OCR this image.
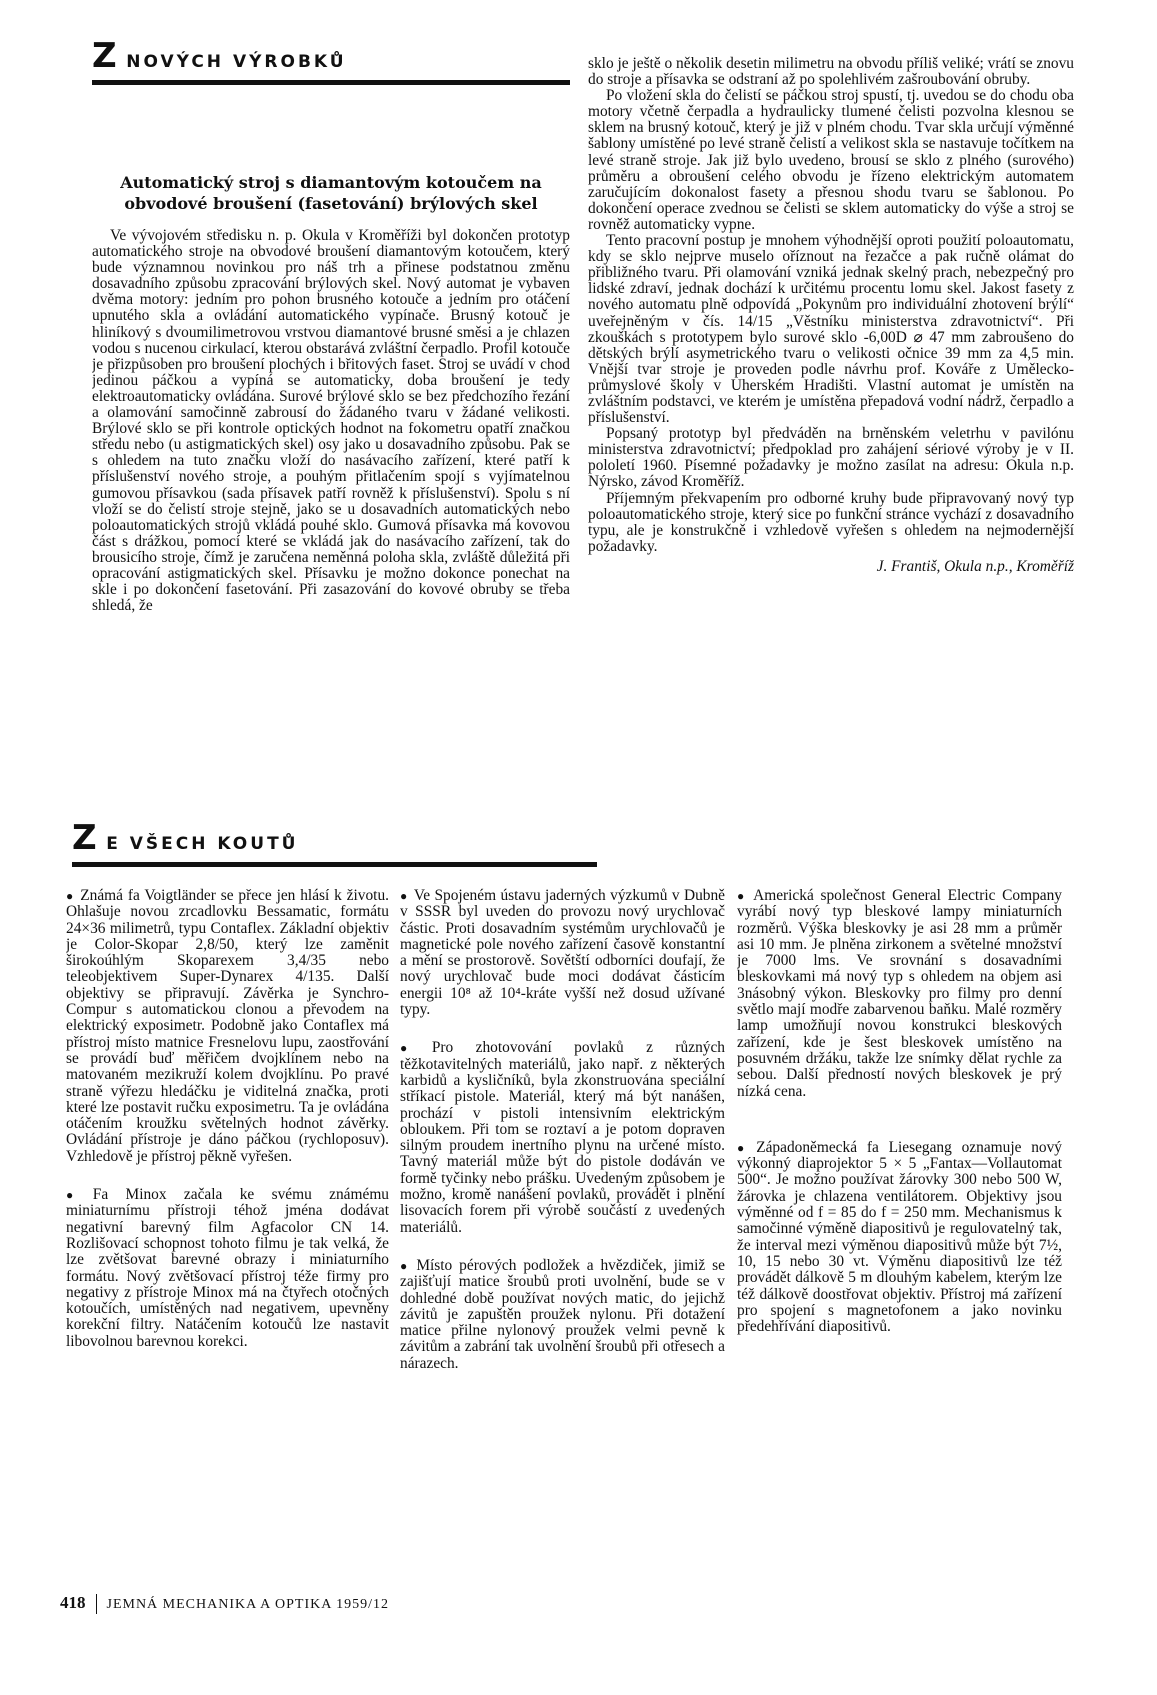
Z NOVÝCH VÝROBKŮ
Automatický stroj s diamantovým kotoučem na
obvodové broušení (fasetování) brýlových skel

Ve vývojovém středisku n. p. Okula v Kroměříži byl dokončen prototyp automatického stroje na obvodové broušení diamantovým kotoučem, který bude významnou novinkou pro náš trh a přinese podstatnou změnu dosavadního způsobu zpracování brýlových skel. Nový automat je vybaven dvěma motory: jedním pro pohon brusného kotouče a jedním pro otáčení upnutého skla a ovládání automatického vypínače. Brusný kotouč je hliníkový s dvoumilimetrovou vrstvou diamantové brusné směsi a je chlazen vodou s nucenou cirkulací, kterou obstarává zvláštní čerpadlo. Profil kotouče je přizpůsoben pro broušení plochých i břitových faset. Stroj se uvádí v chod jedinou páčkou a vypíná se automaticky, doba broušení je tedy elektroautomaticky ovládána. Surové brýlové sklo se bez předchozího řezání a olamování samočinně zabrousí do žádaného tvaru v žádané velikosti. Brýlové sklo se při kontrole optických hodnot na fokometru opatří značkou středu nebo (u astigmatických skel) osy jako u dosavadního způsobu. Pak se s ohledem na tuto značku vloží do nasávacího zařízení, které patří k příslušenství nového stroje, a pouhým přitlačením spojí s vyjímatelnou gumovou přísavkou (sada přísavek patří rovněž k příslušenství). Spolu s ní vloží se do čelistí stroje stejně, jako se u dosavadních automatických nebo poloautomatických strojů vkládá pouhé sklo. Gumová přísavka má kovovou část s drážkou, pomocí které se vkládá jak do nasávacího zařízení, tak do brousicího stroje, čímž je zaručena neměnná poloha skla, zvláště důležitá při opracování astigmatických skel. Přísavku je možno dokonce ponechat na skle i po dokončení fasetování. Při zasazování do kovové obruby se třeba shledá, že

sklo je ještě o několik desetin milimetru na obvodu příliš veliké; vrátí se znovu do stroje a přísavka se odstraní až po spolehlivém zašroubování obruby.

Po vložení skla do čelistí se páčkou stroj spustí, tj. uvedou se do chodu oba motory včetně čerpadla a hydraulicky tlumené čelisti pozvolna klesnou se sklem na brusný kotouč, který je již v plném chodu. Tvar skla určují výměnné šablony umístěné po levé straně čelistí a velikost skla se nastavuje točítkem na levé straně stroje. Jak již bylo uvedeno, brousí se sklo z plného (surového) průměru a obroušení celého obvodu je řízeno elektrickým automatem zaručujícím dokonalost fasety a přesnou shodu tvaru se šablonou. Po dokončení operace zvednou se čelisti se sklem automaticky do výše a stroj se rovněž automaticky vypne.

Tento pracovní postup je mnohem výhodnější oproti použití poloautomatu, kdy se sklo nejprve muselo oříznout na řezačce a pak ručně olámat do přibližného tvaru. Při olamování vzniká jednak skelný prach, nebezpečný pro lidské zdraví, jednak dochází k určitému procentu lomu skel. Jakost fasety z nového automatu plně odpovídá „Pokynům pro individuální zhotovení brýlí“ uveřejněným v čís. 14/15 „Věstníku ministerstva zdravotnictví“. Při zkouškách s prototypem bylo surové sklo -6,00D ⌀ 47 mm zabroušeno do dětských brýlí asymetrického tvaru o velikosti očnice 39 mm za 4,5 min. Vnější tvar stroje je proveden podle návrhu prof. Kováře z Umělecko-průmyslové školy v Uherském Hradišti. Vlastní automat je umístěn na zvláštním podstavci, ve kterém je umístěna přepadová vodní nádrž, čerpadlo a příslušenství.

Popsaný prototyp byl předváděn na brněnském veletrhu v pavilónu ministerstva zdravotnictví; předpoklad pro zahájení sériové výroby je v II. pololetí 1960. Písemné požadavky je možno zasílat na adresu: Okula n.p. Nýrsko, závod Kroměříž.

Příjemným překvapením pro odborné kruhy bude připravovaný nový typ poloautomatického stroje, který sice po funkční stránce vychází z dosavadního typu, ale je konstrukčně i vzhledově vyřešen s ohledem na nejmodernější požadavky.

J. Františ, Okula n.p., Kroměříž

Z E VŠECH KOUTŮ
● Známá fa Voigtländer se přece jen hlásí k životu. Ohlašuje novou zrcadlovku Bessamatic, formátu 24×36 milimetrů, typu Contaflex. Základní objektiv je Color-Skopar 2,8/50, který lze zaměnit širokoúhlým Skoparexem 3,4/35 nebo teleobjektivem Super-Dynarex 4/135. Další objektivy se připravují. Závěrka je Synchro-Compur s automatickou clonou a převodem na elektrický exposimetr. Podobně jako Contaflex má přístroj místo matnice Fresnelovu lupu, zaostřování se provádí buď měřičem dvojklínem nebo na matovaném mezikruží kolem dvojklínu. Po pravé straně výřezu hledáčku je viditelná značka, proti které lze postavit ručku exposimetru. Ta je ovládána otáčením kroužku světelných hodnot závěrky. Ovládání přístroje je dáno páčkou (rychloposuv). Vzhledově je přístroj pěkně vyřešen.
● Fa Minox začala ke svému známému miniaturnímu přístroji téhož jména dodávat negativní barevný film Agfacolor CN 14. Rozlišovací schopnost tohoto filmu je tak velká, že lze zvětšovat barevné obrazy i miniaturního formátu. Nový zvětšovací přístroj téže firmy pro negativy z přístroje Minox má na čtyřech otočných kotoučích, umístěných nad negativem, upevněny korekční filtry. Natáčením kotoučů lze nastavit libovolnou barevnou korekci.
● Ve Spojeném ústavu jaderných výzkumů v Dubně v SSSR byl uveden do provozu nový urychlovač částic. Proti dosavadním systémům urychlovačů je magnetické pole nového zařízení časově konstantní a mění se prostorově. Sovětští odborníci doufají, že nový urychlovač bude moci dodávat částicím energii 10⁸ až 10⁴-kráte vyšší než dosud užívané typy.
● Pro zhotovování povlaků z různých těžkotavitelných materiálů, jako např. z některých karbidů a kysličníků, byla zkonstruována speciální stříkací pistole. Materiál, který má být nanášen, prochází v pistoli intensivním elektrickým obloukem. Při tom se roztaví a je potom dopraven silným proudem inertního plynu na určené místo. Tavný materiál může být do pistole dodáván ve formě tyčinky nebo prášku. Uvedeným způsobem je možno, kromě nanášení povlaků, provádět i plnění lisovacích forem při výrobě součástí z uvedených materiálů.
● Místo pérových podložek a hvězdiček, jimiž se zajišťují matice šroubů proti uvolnění, bude se v dohledné době používat nových matic, do jejichž závitů je zapuštěn proužek nylonu. Při dotažení matice přilne nylonový proužek velmi pevně k závitům a zabrání tak uvolnění šroubů při otřesech a nárazech.
● Americká společnost General Electric Company vyrábí nový typ bleskové lampy miniaturních rozměrů. Výška bleskovky je asi 28 mm a průměr asi 10 mm. Je plněna zirkonem a světelné množství je 7000 lms. Ve srovnání s dosavadními bleskovkami má nový typ s ohledem na objem asi 3násobný výkon. Bleskovky pro filmy pro denní světlo mají modře zabarvenou baňku. Malé rozměry lamp umožňují novou konstrukci bleskových zařízení, kde je šest bleskovek umístěno na posuvném držáku, takže lze snímky dělat rychle za sebou. Další předností nových bleskovek je prý nízká cena.
● Západoněmecká fa Liesegang oznamuje nový výkonný diaprojektor 5 × 5 „Fantax—Vollautomat 500“. Je možno používat žárovky 300 nebo 500 W, žárovka je chlazena ventilátorem. Objektivy jsou výměnné od f = 85 do f = 250 mm. Mechanismus k samočinné výměně diapositivů je regulovatelný tak, že interval mezi výměnou diapositivů může být 7½, 10, 15 nebo 30 vt. Výměnu diapositivů lze též provádět dálkově 5 m dlouhým kabelem, kterým lze též dálkově doostřovat objektiv. Přístroj má zařízení pro spojení s magnetofonem a jako novinku předehřívání diapositivů.
418 JEMNÁ MECHANIKA A OPTIKA 1959/12
